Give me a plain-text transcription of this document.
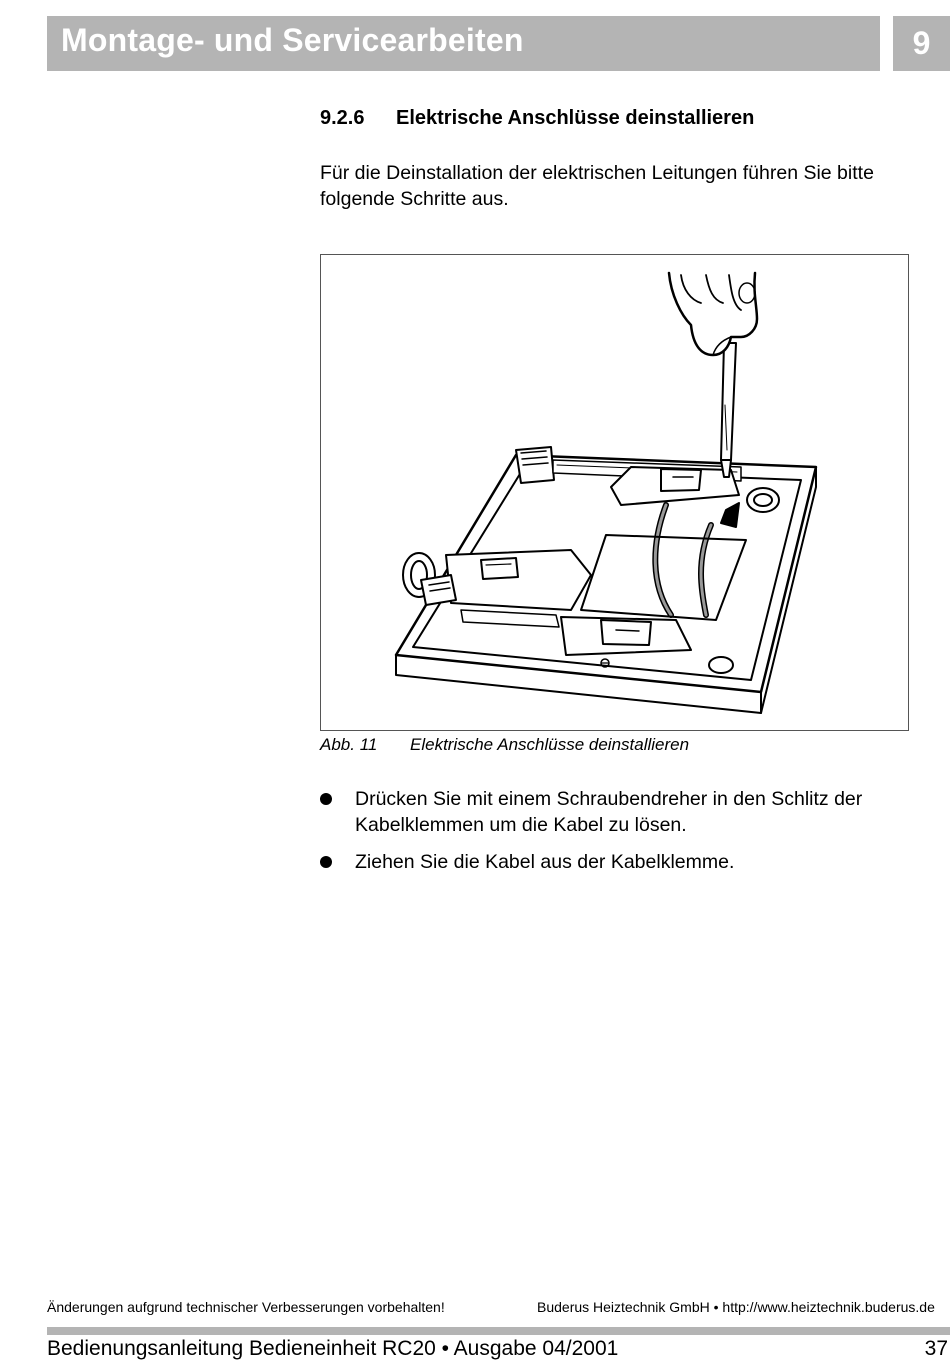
Montage- und Servicearbeiten	9
9.2.6 Elektrische Anschlüsse deinstallieren
Für die Deinstallation der elektrischen Leitungen führen Sie bitte folgende Schritte aus.
Abb. 11 Elektrische Anschlüsse deinstallieren
Drücken Sie mit einem Schraubendreher in den Schlitz der Kabelklemmen um die Kabel zu lösen.
Ziehen Sie die Kabel aus der Kabelklemme.
Änderungen aufgrund technischer Verbesserungen vorbehalten!	Buderus Heiztechnik GmbH • http://www.heiztechnik.buderus.de
Bedienungsanleitung Bedieneinheit RC20 • Ausgabe 04/2001	37
